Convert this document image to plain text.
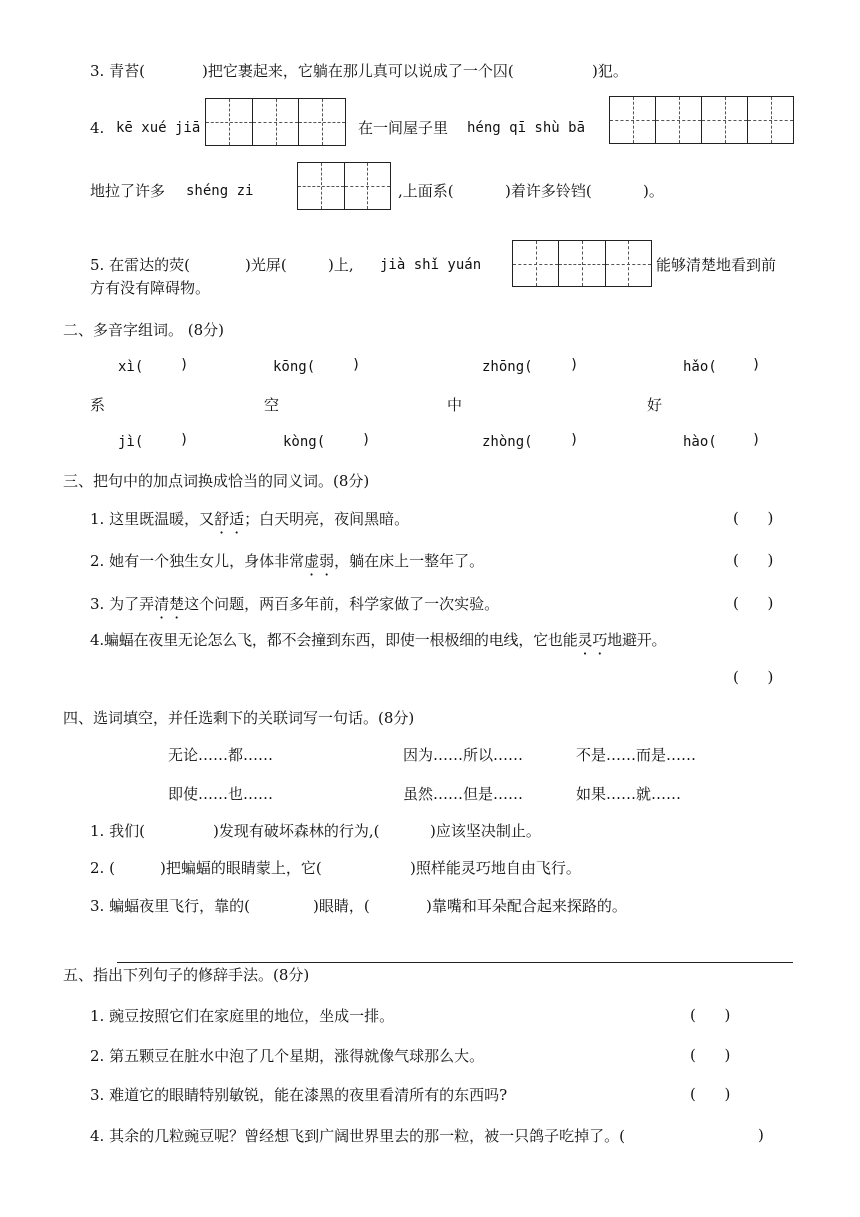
3. 青苔(	)把它裹起来，它躺在那儿真可以说成了一个囚(	)犯。
4. kē xué jiā	在一间屋子里 héng qī shù bā
地拉了许多 shéng zi	,上面系(	)着许多铃铛(	)。
5. 在雷达的荧(	)光屏(	)上, jià shǐ yuán	能够清楚地看到前
方有没有障碍物。
二、多音字组词。 (8分)
xì(	)	kōng(	)	zhōng(	)	hǎo(	)
系	空	中	好
jì(	)	kòng(	)	zhòng(	)	hào(	)
三、把句中的加点词换成恰当的同义词。(8分)
1. 这里既温暖，又舒适；白天明亮，夜间黑暗。	(      )
2. 她有一个独生女儿，身体非常虚弱，躺在床上一整年了。	(      )
3. 为了弄清楚这个问题，两百多年前，科学家做了一次实验。	(      )
4.蝙蝠在夜里无论怎么飞，都不会撞到东西，即使一根极细的电线，它也能灵巧地避开。
(      )
四、选词填空，并任选剩下的关联词写一句话。(8分)
无论……都……	因为……所以……	不是……而是……
即使……也……	虽然……但是……	如果……就……
1. 我们(	)发现有破坏森林的行为,(	)应该坚决制止。
2. (	)把蝙蝠的眼睛蒙上，它(	)照样能灵巧地自由飞行。
3. 蝙蝠夜里飞行，靠的(	)眼睛，(	)靠嘴和耳朵配合起来探路的。
五、指出下列句子的修辞手法。(8分)
1. 豌豆按照它们在家庭里的地位，坐成一排。	(      )
2. 第五颗豆在脏水中泡了几个星期，涨得就像气球那么大。	(      )
3. 难道它的眼睛特别敏锐，能在漆黑的夜里看清所有的东西吗?	(      )
4. 其余的几粒豌豆呢？曾经想飞到广阔世界里去的那一粒，被一只鸽子吃掉了。(	)
